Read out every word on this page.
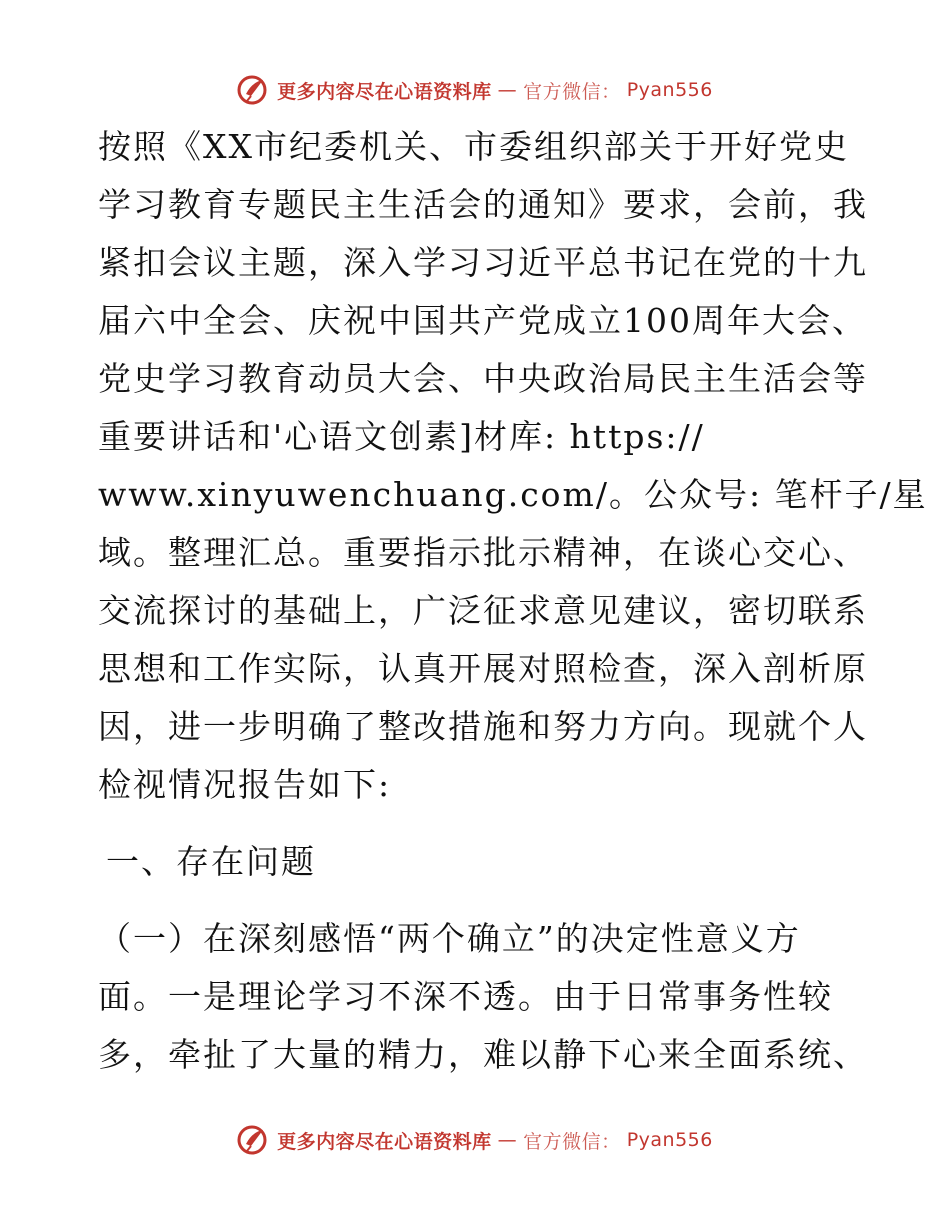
更多内容尽在心语资料库 — 官方微信： Pyan556
按照《XX市纪委机关、市委组织部关于开好党史
学习教育专题民主生活会的通知》要求，会前，我
紧扣会议主题，深入学习习近平总书记在党的十九
届六中全会、庆祝中国共产党成立100周年大会、
党史学习教育动员大会、中央政治局民主生活会等
重要讲话和'心语文创素]材库: https://
www.xinyuwenchuang.com/。公众号: 笔杆子/星
域。整理汇总。重要指示批示精神，在谈心交心、
交流探讨的基础上，广泛征求意见建议，密切联系
思想和工作实际，认真开展对照检查，深入剖析原
因，进一步明确了整改措施和努力方向。现就个人
检视情况报告如下:
一、存在问题
（一）在深刻感悟“两个确立”的决定性意义方
面。一是理论学习不深不透。由于日常事务性较
多，牵扯了大量的精力，难以静下心来全面系统、
更多内容尽在心语资料库 — 官方微信： Pyan556
